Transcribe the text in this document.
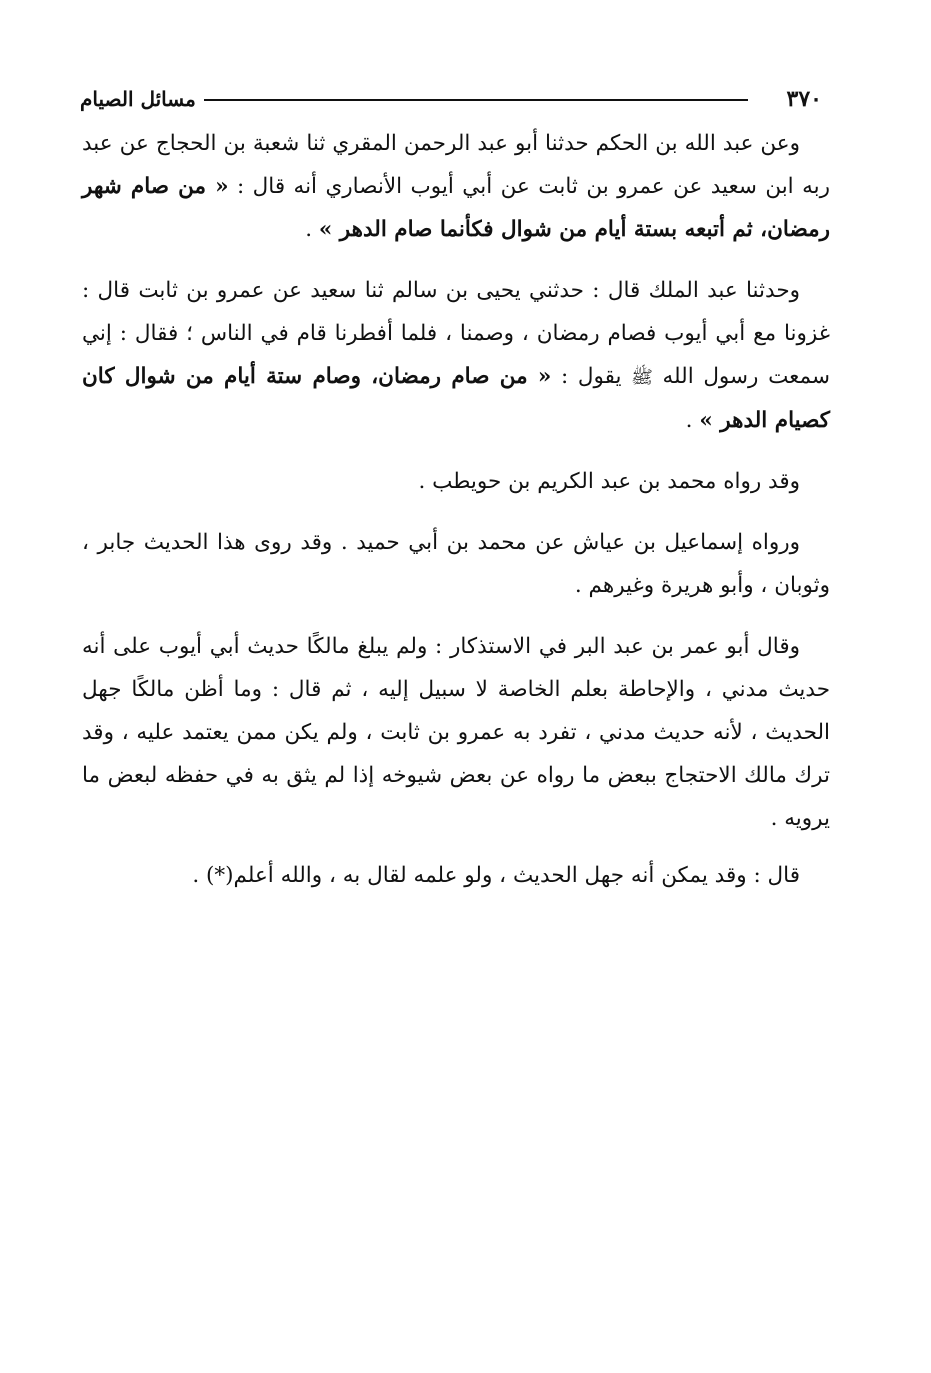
٣٧٠
مسائل الصيام

وعن عبد الله بن الحكم حدثنا أبو عبد الرحمن المقري ثنا شعبة بن الحجاج عن عبد ربه ابن سعيد عن عمرو بن ثابت عن أبي أيوب الأنصاري أنه قال : « من صام شهر رمضان، ثم أتبعه بستة أيام من شوال فكأنما صام الدهر » .

وحدثنا عبد الملك قال : حدثني يحيى بن سالم ثنا سعيد عن عمرو بن ثابت قال : غزونا مع أبي أيوب فصام رمضان ، وصمنا ، فلما أفطرنا قام في الناس ؛ فقال : إني سمعت رسول الله ﷺ يقول : « من صام رمضان، وصام ستة أيام من شوال كان كصيام الدهر » .

وقد رواه محمد بن عبد الكريم بن حويطب .

ورواه إسماعيل بن عياش عن محمد بن أبي حميد . وقد روى هذا الحديث جابر ، وثوبان ، وأبو هريرة وغيرهم .

وقال أبو عمر بن عبد البر في الاستذكار : ولم يبلغ مالكًا حديث أبي أيوب على أنه حديث مدني ، والإحاطة بعلم الخاصة لا سبيل إليه ، ثم قال : وما أظن مالكًا جهل الحديث ، لأنه حديث مدني ، تفرد به عمرو بن ثابت ، ولم يكن ممن يعتمد عليه ، وقد ترك مالك الاحتجاج ببعض ما رواه عن بعض شيوخه إذا لم يثق به في حفظه لبعض ما يرويه .

قال : وقد يمكن أنه جهل الحديث ، ولو علمه لقال به ، والله أعلم(*) .
